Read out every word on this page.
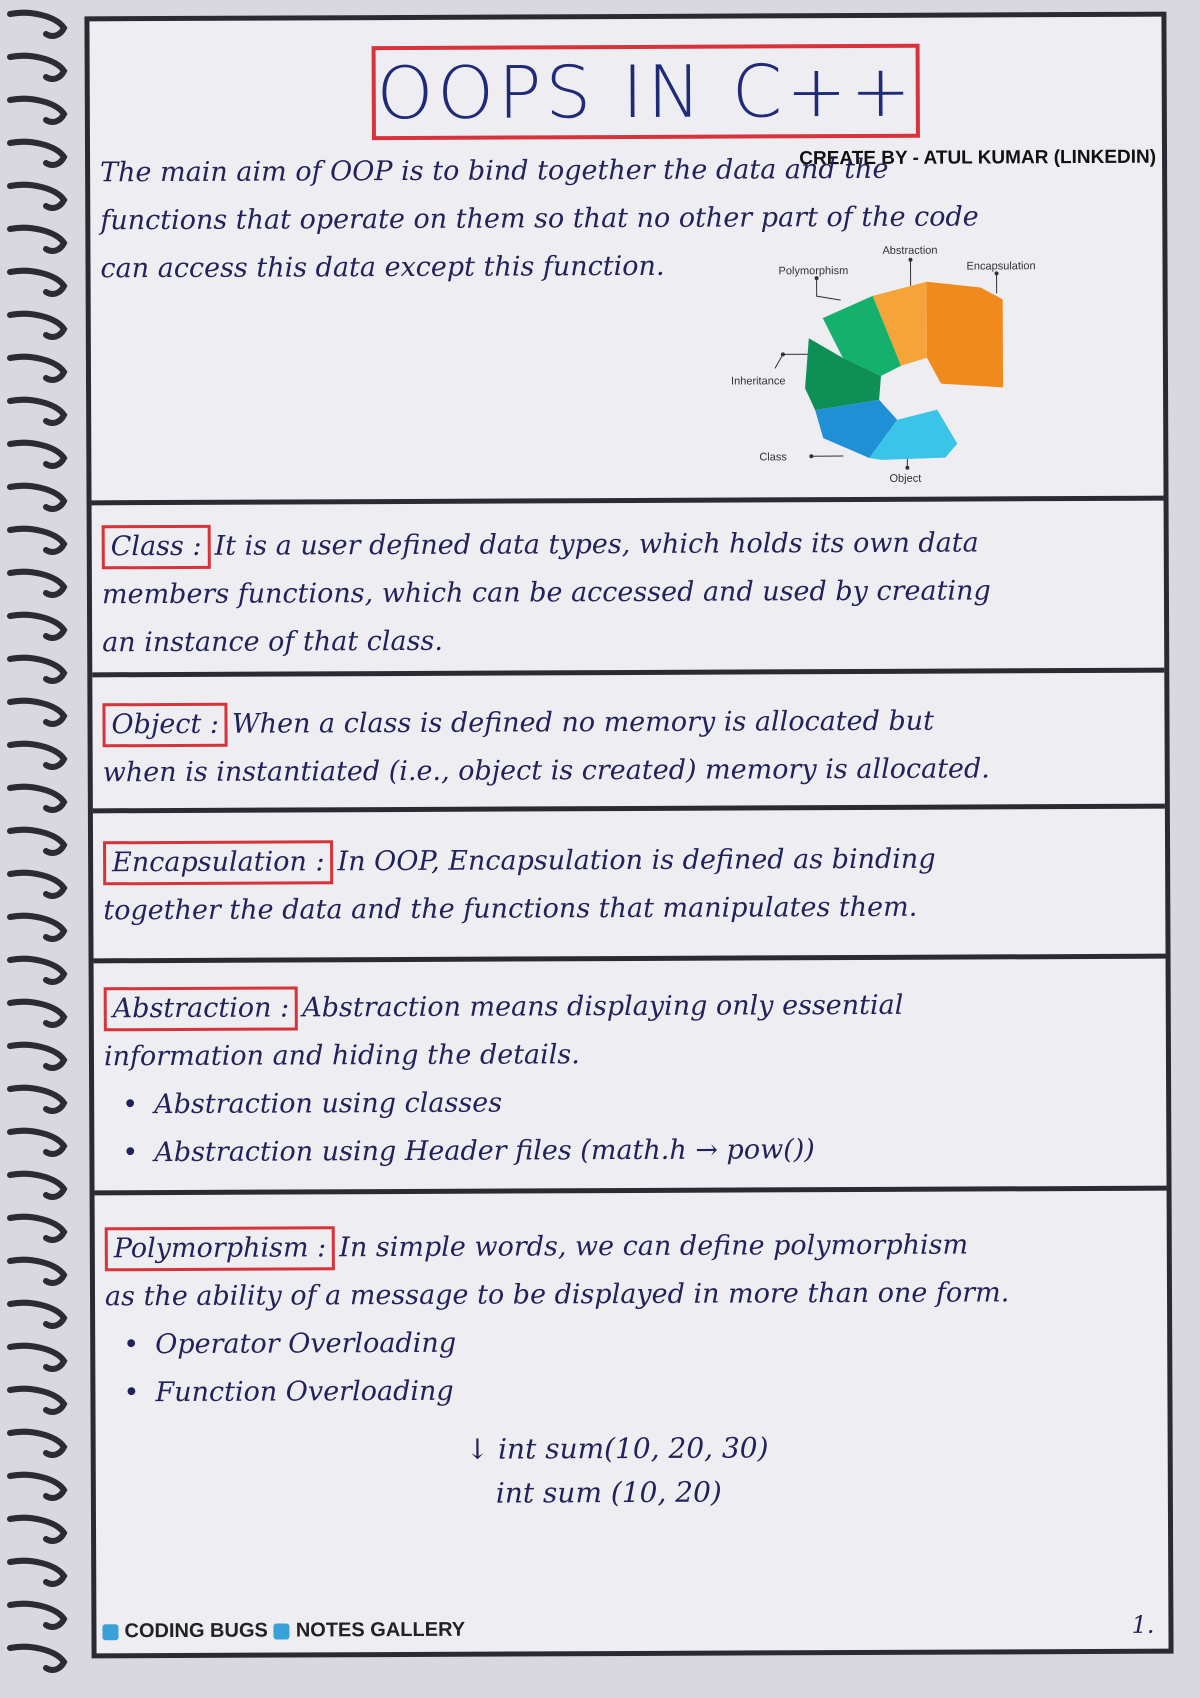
OOPS IN C++
CREATE BY - ATUL KUMAR (LINKEDIN)
The main aim of OOP is to bind together the data and the
functions that operate on them so that no other part of the code
can access this data except this function.
Abstraction
Encapsulation
Polymorphism
Inheritance
Class
Object
Class : It is a user defined data types, which holds its own data
members functions, which can be accessed and used by creating
an instance of that class.
Object : When a class is defined no memory is allocated but
when is instantiated (i.e., object is created) memory is allocated.
Encapsulation : In OOP, Encapsulation is defined as binding
together the data and the functions that manipulates them.
Abstraction : Abstraction means displaying only essential
information and hiding the details.
• Abstraction using classes
• Abstraction using Header files (math.h → pow())
Polymorphism : In simple words, we can define polymorphism
as the ability of a message to be displayed in more than one form.
• Operator Overloading
• Function Overloading
↓ int sum(10, 20, 30)
int sum (10, 20)
CODING BUGS NOTES GALLERY	1.
